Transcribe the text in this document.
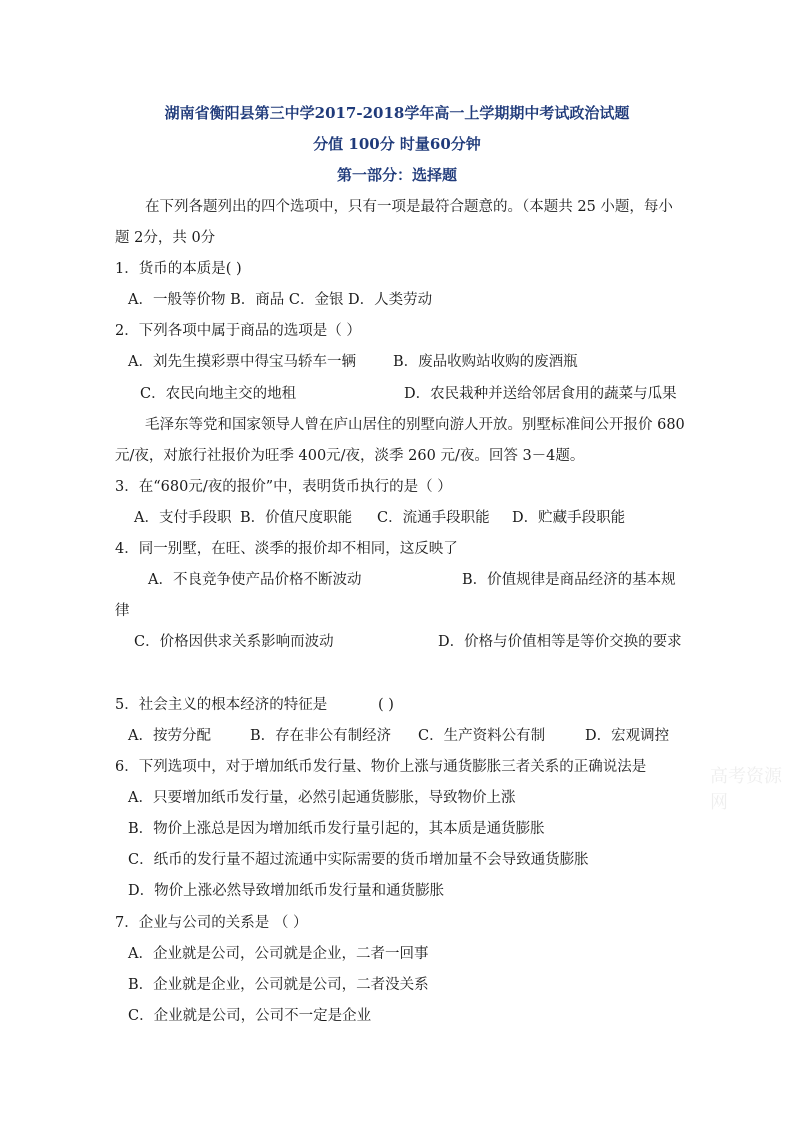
湖南省衡阳县第三中学2017-2018学年高一上学期期中考试政治试题
分值 100分 时量60分钟
第一部分：选择题
在下列各题列出的四个选项中，只有一项是最符合题意的。（本题共 25 小题，每小
题 2分，共 0分
1．货币的本质是( )
A．一般等价物 B．商品 C．金银 D．人类劳动
2．下列各项中属于商品的选项是（ ）
A．刘先生摸彩票中得宝马轿车一辆	B．废品收购站收购的废酒瓶
C．农民向地主交的地租	D．农民栽种并送给邻居食用的蔬菜与瓜果
毛泽东等党和国家领导人曾在庐山居住的别墅向游人开放。别墅标准间公开报价 680
元/夜，对旅行社报价为旺季 400元/夜，淡季 260 元/夜。回答 3－4题。
3．在“680元/夜的报价”中，表明货币执行的是（ ）
A．支付手段职 B．价值尺度职能 C．流通手段职能 D．贮藏手段职能
4．同一别墅，在旺、淡季的报价却不相同，这反映了
A．不良竞争使产品价格不断波动	B．价值规律是商品经济的基本规
律
C．价格因供求关系影响而波动	D．价格与价值相等是等价交换的要求
5．社会主义的根本经济的特征是	( )
A．按劳分配	B．存在非公有制经济 C．生产资料公有制	D．宏观调控
6．下列选项中，对于增加纸币发行量、物价上涨与通货膨胀三者关系的正确说法是
A．只要增加纸币发行量，必然引起通货膨胀，导致物价上涨
B．物价上涨总是因为增加纸币发行量引起的，其本质是通货膨胀
C．纸币的发行量不超过流通中实际需要的货币增加量不会导致通货膨胀
D．物价上涨必然导致增加纸币发行量和通货膨胀
7．企业与公司的关系是 （ ）
A．企业就是公司，公司就是企业，二者一回事
B．企业就是企业，公司就是公司，二者没关系
C．企业就是公司，公司不一定是企业
高考资源网
